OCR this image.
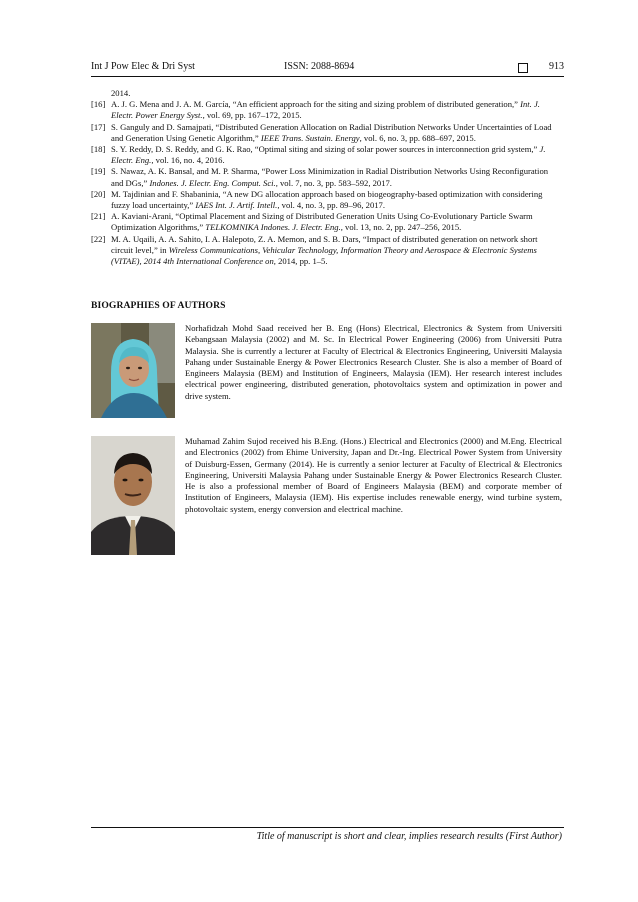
Int J Pow Elec & Dri Syst	ISSN: 2088-8694	913
2014.
[16] A. J. G. Mena and J. A. M. García, “An efficient approach for the siting and sizing problem of distributed generation,” Int. J. Electr. Power Energy Syst., vol. 69, pp. 167–172, 2015.
[17] S. Ganguly and D. Samajpati, “Distributed Generation Allocation on Radial Distribution Networks Under Uncertainties of Load and Generation Using Genetic Algorithm,” IEEE Trans. Sustain. Energy, vol. 6, no. 3, pp. 688–697, 2015.
[18] S. Y. Reddy, D. S. Reddy, and G. K. Rao, “Optimal siting and sizing of solar power sources in interconnection grid system,” J. Electr. Eng., vol. 16, no. 4, 2016.
[19] S. Nawaz, A. K. Bansal, and M. P. Sharma, “Power Loss Minimization in Radial Distribution Networks Using Reconfiguration and DGs,” Indones. J. Electr. Eng. Comput. Sci., vol. 7, no. 3, pp. 583–592, 2017.
[20] M. Tajdinian and F. Shabaninia, “A new DG allocation approach based on biogeography-based optimization with considering fuzzy load uncertainty,” IAES Int. J. Artif. Intell., vol. 4, no. 3, pp. 89–96, 2017.
[21] A. Kaviani-Arani, “Optimal Placement and Sizing of Distributed Generation Units Using Co-Evolutionary Particle Swarm Optimization Algorithms,” TELKOMNIKA Indones. J. Electr. Eng., vol. 13, no. 2, pp. 247–256, 2015.
[22] M. A. Uqaili, A. A. Sahito, I. A. Halepoto, Z. A. Memon, and S. B. Dars, “Impact of distributed generation on network short circuit level,” in Wireless Communications, Vehicular Technology, Information Theory and Aerospace & Electronic Systems (VITAE), 2014 4th International Conference on, 2014, pp. 1–5.
BIOGRAPHIES OF AUTHORS
Norhafidzah Mohd Saad received her B. Eng (Hons) Electrical, Electronics & System from Universiti Kebangsaan Malaysia (2002) and M. Sc. In Electrical Power Engineering (2006) from Universiti Putra Malaysia. She is currently a lecturer at Faculty of Electrical & Electronics Engineering, Universiti Malaysia Pahang under Sustainable Energy & Power Electronics Research Cluster. She is also a member of Board of Engineers Malaysia (BEM) and Institution of Engineers, Malaysia (IEM). Her research interest includes electrical power engineering, distributed generation, photovoltaics system and optimization in power and drive system.
Muhamad Zahim Sujod received his B.Eng. (Hons.) Electrical and Electronics (2000) and M.Eng. Electrical and Electronics (2002) from Ehime University, Japan and Dr.-Ing. Electrical Power System from University of Duisburg-Essen, Germany (2014). He is currently a senior lecturer at Faculty of Electrical & Electronics Engineering, Universiti Malaysia Pahang under Sustainable Energy & Power Electronics Research Cluster. He is also a professional member of Board of Engineers Malaysia (BEM) and corporate member of Institution of Engineers, Malaysia (IEM). His expertise includes renewable energy, wind turbine system, photovoltaic system, energy conversion and electrical machine.
Title of manuscript is short and clear, implies research results (First Author)
